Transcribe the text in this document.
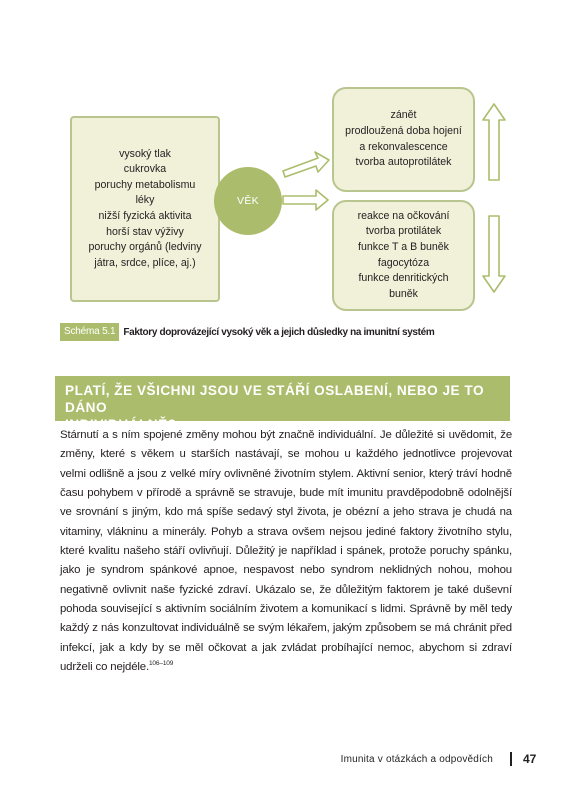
vysoký tlak
cukrovka
poruchy metabolismu
léky
nižší fyzická aktivita
horší stav výživy
poruchy orgánů (ledviny
játra, srdce, plíce, aj.)
VĚK
zánět
prodloužená doba hojení
a rekonvalescence
tvorba autoprotilátek
reakce na očkování
tvorba protilátek
funkce T a B buněk
fagocytóza
funkce denritických
buněk
Schéma 5.1 Faktory doprovázející vysoký věk a jejich důsledky na imunitní systém
PLATÍ, ŽE VŠICHNI JSOU VE STÁŘÍ OSLABENÍ, NEBO JE TO DÁNO
INDIVIDUÁLNĚ?
Stárnutí a s ním spojené změny mohou být značně individuální. Je důležité si uvědomit, že změny, které s věkem u starších nastávají, se mohou u každého jednotlivce projevovat velmi odlišně a jsou z velké míry ovlivněné životním stylem. Aktivní senior, který tráví hodně času pohybem v přírodě a správně se stravuje, bude mít imunitu pravděpodobně odolnější ve srovnání s jiným, kdo má spíše sedavý styl života, je obézní a jeho strava je chudá na vitaminy, vlákninu a minerály. Pohyb a strava ovšem nejsou jediné faktory životního stylu, které kvalitu našeho stáří ovlivňují. Důležitý je například i spánek, protože poruchy spánku, jako je syndrom spánkové apnoe, nespavost nebo syndrom neklidných nohou, mohou negativně ovlivnit naše fyzické zdraví. Ukázalo se, že důležitým faktorem je také duševní pohoda související s aktivním sociálním životem a komunikací s lidmi. Správně by měl tedy každý z nás konzultovat individuálně se svým lékařem, jakým způsobem se má chránit před infekcí, jak a kdy by se měl očkovat a jak zvládat probíhající nemoc, abychom si zdraví udrželi co nejdéle.$^{106-109}$
Imunita v otázkách a odpovědích	47
